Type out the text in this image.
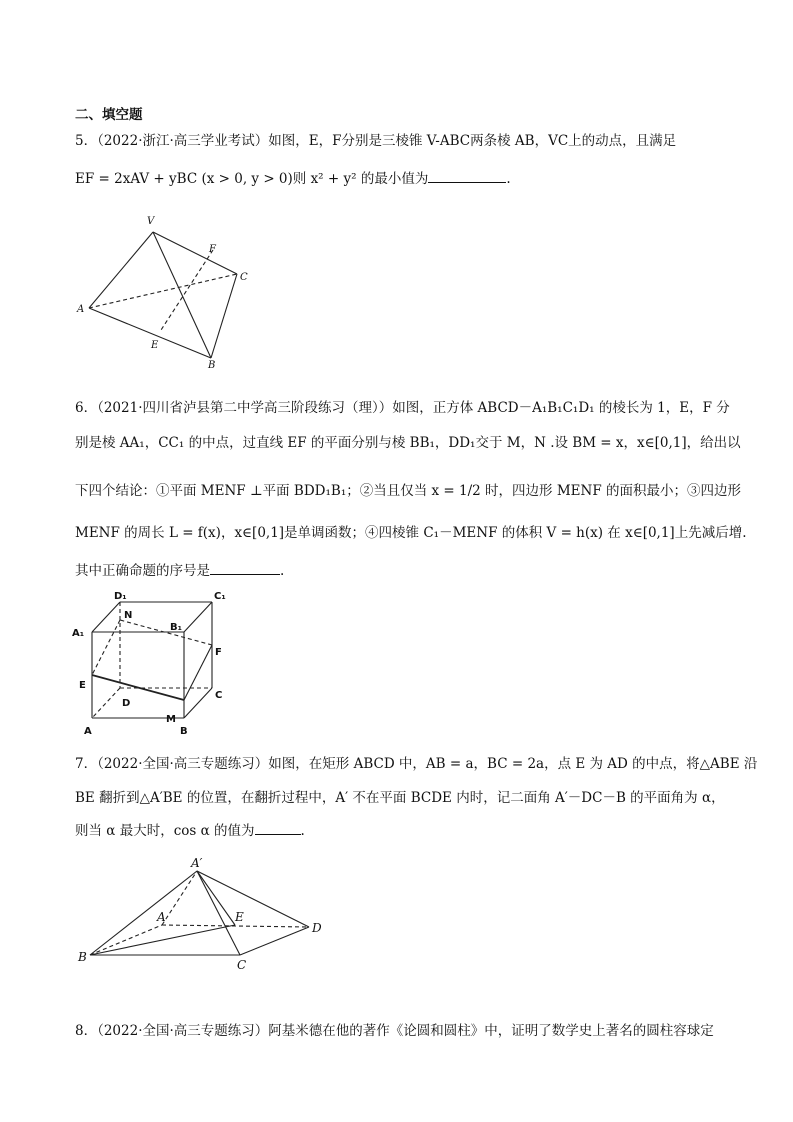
二、填空题
5．（2022·浙江·高三学业考试）如图，E，F分别是三棱锥 V-ABC两条棱 AB，VC上的动点，且满足
EF = 2xAV + yBC (x > 0, y > 0)则 x² + y² 的最小值为	.
V
F
C
A
E
B
6．（2021·四川省泸县第二中学高三阶段练习（理））如图，正方体 ABCD－A₁B₁C₁D₁ 的棱长为 1，E，F 分
别是棱 AA₁，CC₁ 的中点，过直线 EF 的平面分别与棱 BB₁，DD₁交于 M，N .设 BM = x，x∈[0,1]，给出以
下四个结论：①平面 MENF ⊥平面 BDD₁B₁；②当且仅当 x = 1/2 时，四边形 MENF 的面积最小；③四边形
MENF 的周长 L = f(x)，x∈[0,1]是单调函数；④四棱锥 C₁－MENF 的体积 V = h(x) 在 x∈[0,1]上先减后增.
其中正确命题的序号是	.
D₁	C₁
N
A₁
B₁
F
E
D
C
M
A	B
7．（2022·全国·高三专题练习）如图，在矩形 ABCD 中，AB = a，BC = 2a，点 E 为 AD 的中点，将△ABE 沿
BE 翻折到△A′BE 的位置，在翻折过程中，A′ 不在平面 BCDE 内时，记二面角 A′－DC－B 的平面角为 α，
则当 α 最大时，cos α 的值为	.
A′
A	E
D
B
C
8．（2022·全国·高三专题练习）阿基米德在他的著作《论圆和圆柱》中，证明了数学史上著名的圆柱容球定
